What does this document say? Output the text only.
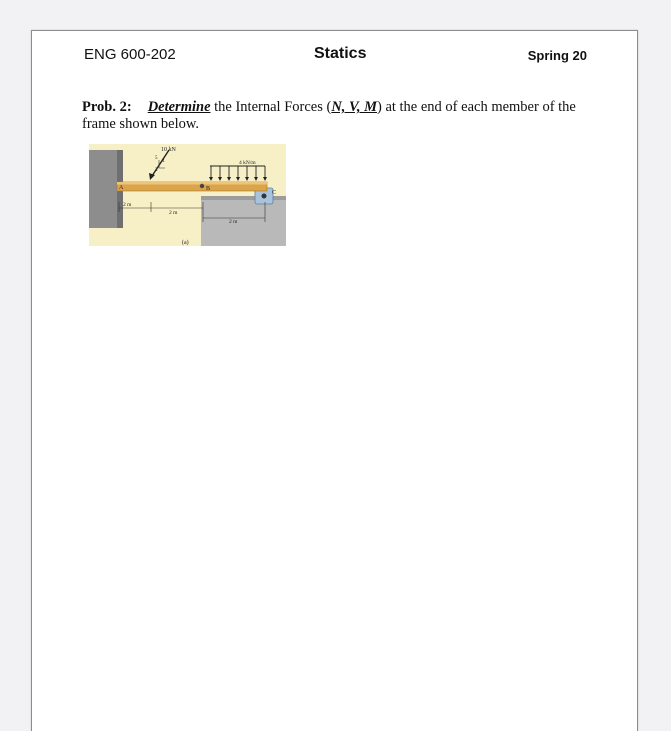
ENG 600-202	Statics	Spring 20
Prob. 2: Determine the Internal Forces (N, V, M) at the end of each member of the frame shown below.
10 kN
5
4
3
4 kN/m
A	B
C
2 m
2 m
2 m
(a)
